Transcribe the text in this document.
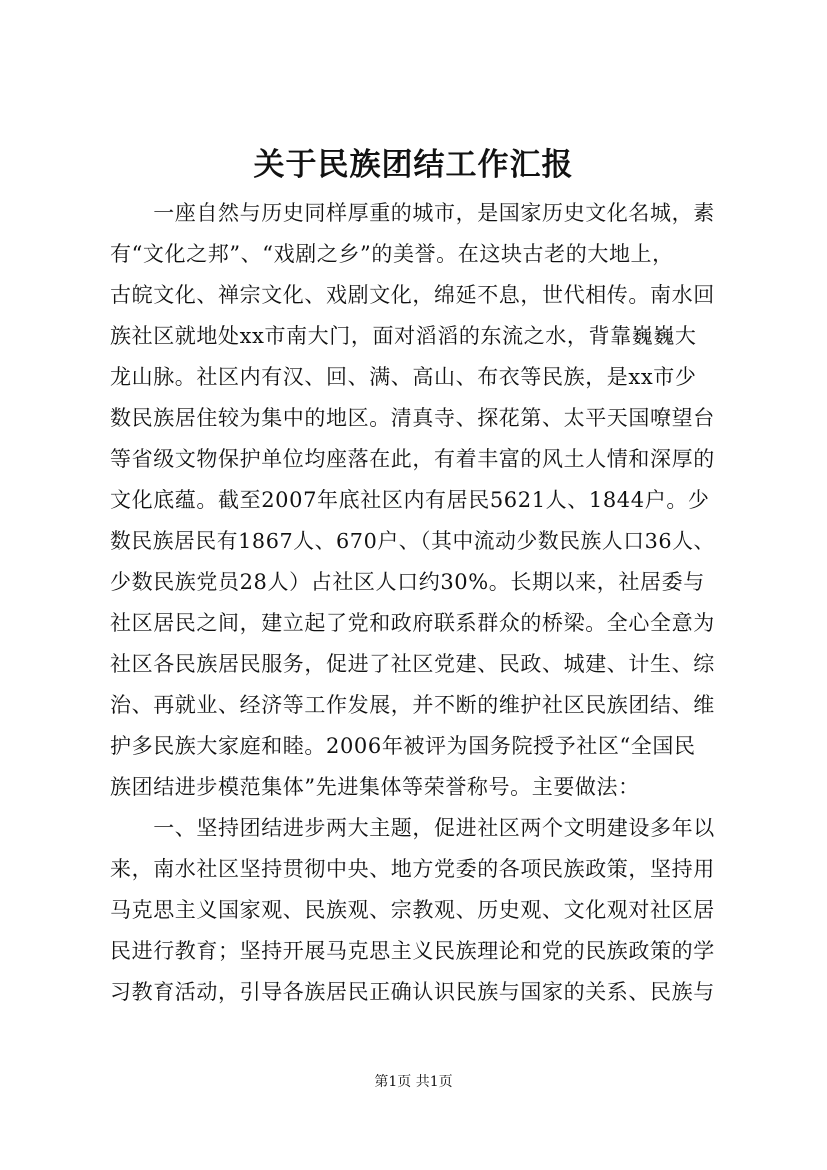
关于民族团结工作汇报
　　一座自然与历史同样厚重的城市，是国家历史文化名城，素
有“文化之邦”、“戏剧之乡”的美誉。在这块古老的大地上，
古皖文化、禅宗文化、戏剧文化，绵延不息，世代相传。南水回
族社区就地处xx市南大门，面对滔滔的东流之水，背靠巍巍大
龙山脉。社区内有汉、回、满、高山、布衣等民族，是xx市少
数民族居住较为集中的地区。清真寺、探花第、太平天国嘹望台
等省级文物保护单位均座落在此，有着丰富的风土人情和深厚的
文化底蕴。截至2007年底社区内有居民5621人、1844户。少
数民族居民有1867人、670户、（其中流动少数民族人口36人、
少数民族党员28人）占社区人口约30%。长期以来，社居委与
社区居民之间，建立起了党和政府联系群众的桥梁。全心全意为
社区各民族居民服务，促进了社区党建、民政、城建、计生、综
治、再就业、经济等工作发展，并不断的维护社区民族团结、维
护多民族大家庭和睦。2006年被评为国务院授予社区“全国民
族团结进步模范集体”先进集体等荣誉称号。主要做法：
　　一、坚持团结进步两大主题，促进社区两个文明建设多年以
来，南水社区坚持贯彻中央、地方党委的各项民族政策，坚持用
马克思主义国家观、民族观、宗教观、历史观、文化观对社区居
民进行教育；坚持开展马克思主义民族理论和党的民族政策的学
习教育活动，引导各族居民正确认识民族与国家的关系、民族与
第1页 共1页
